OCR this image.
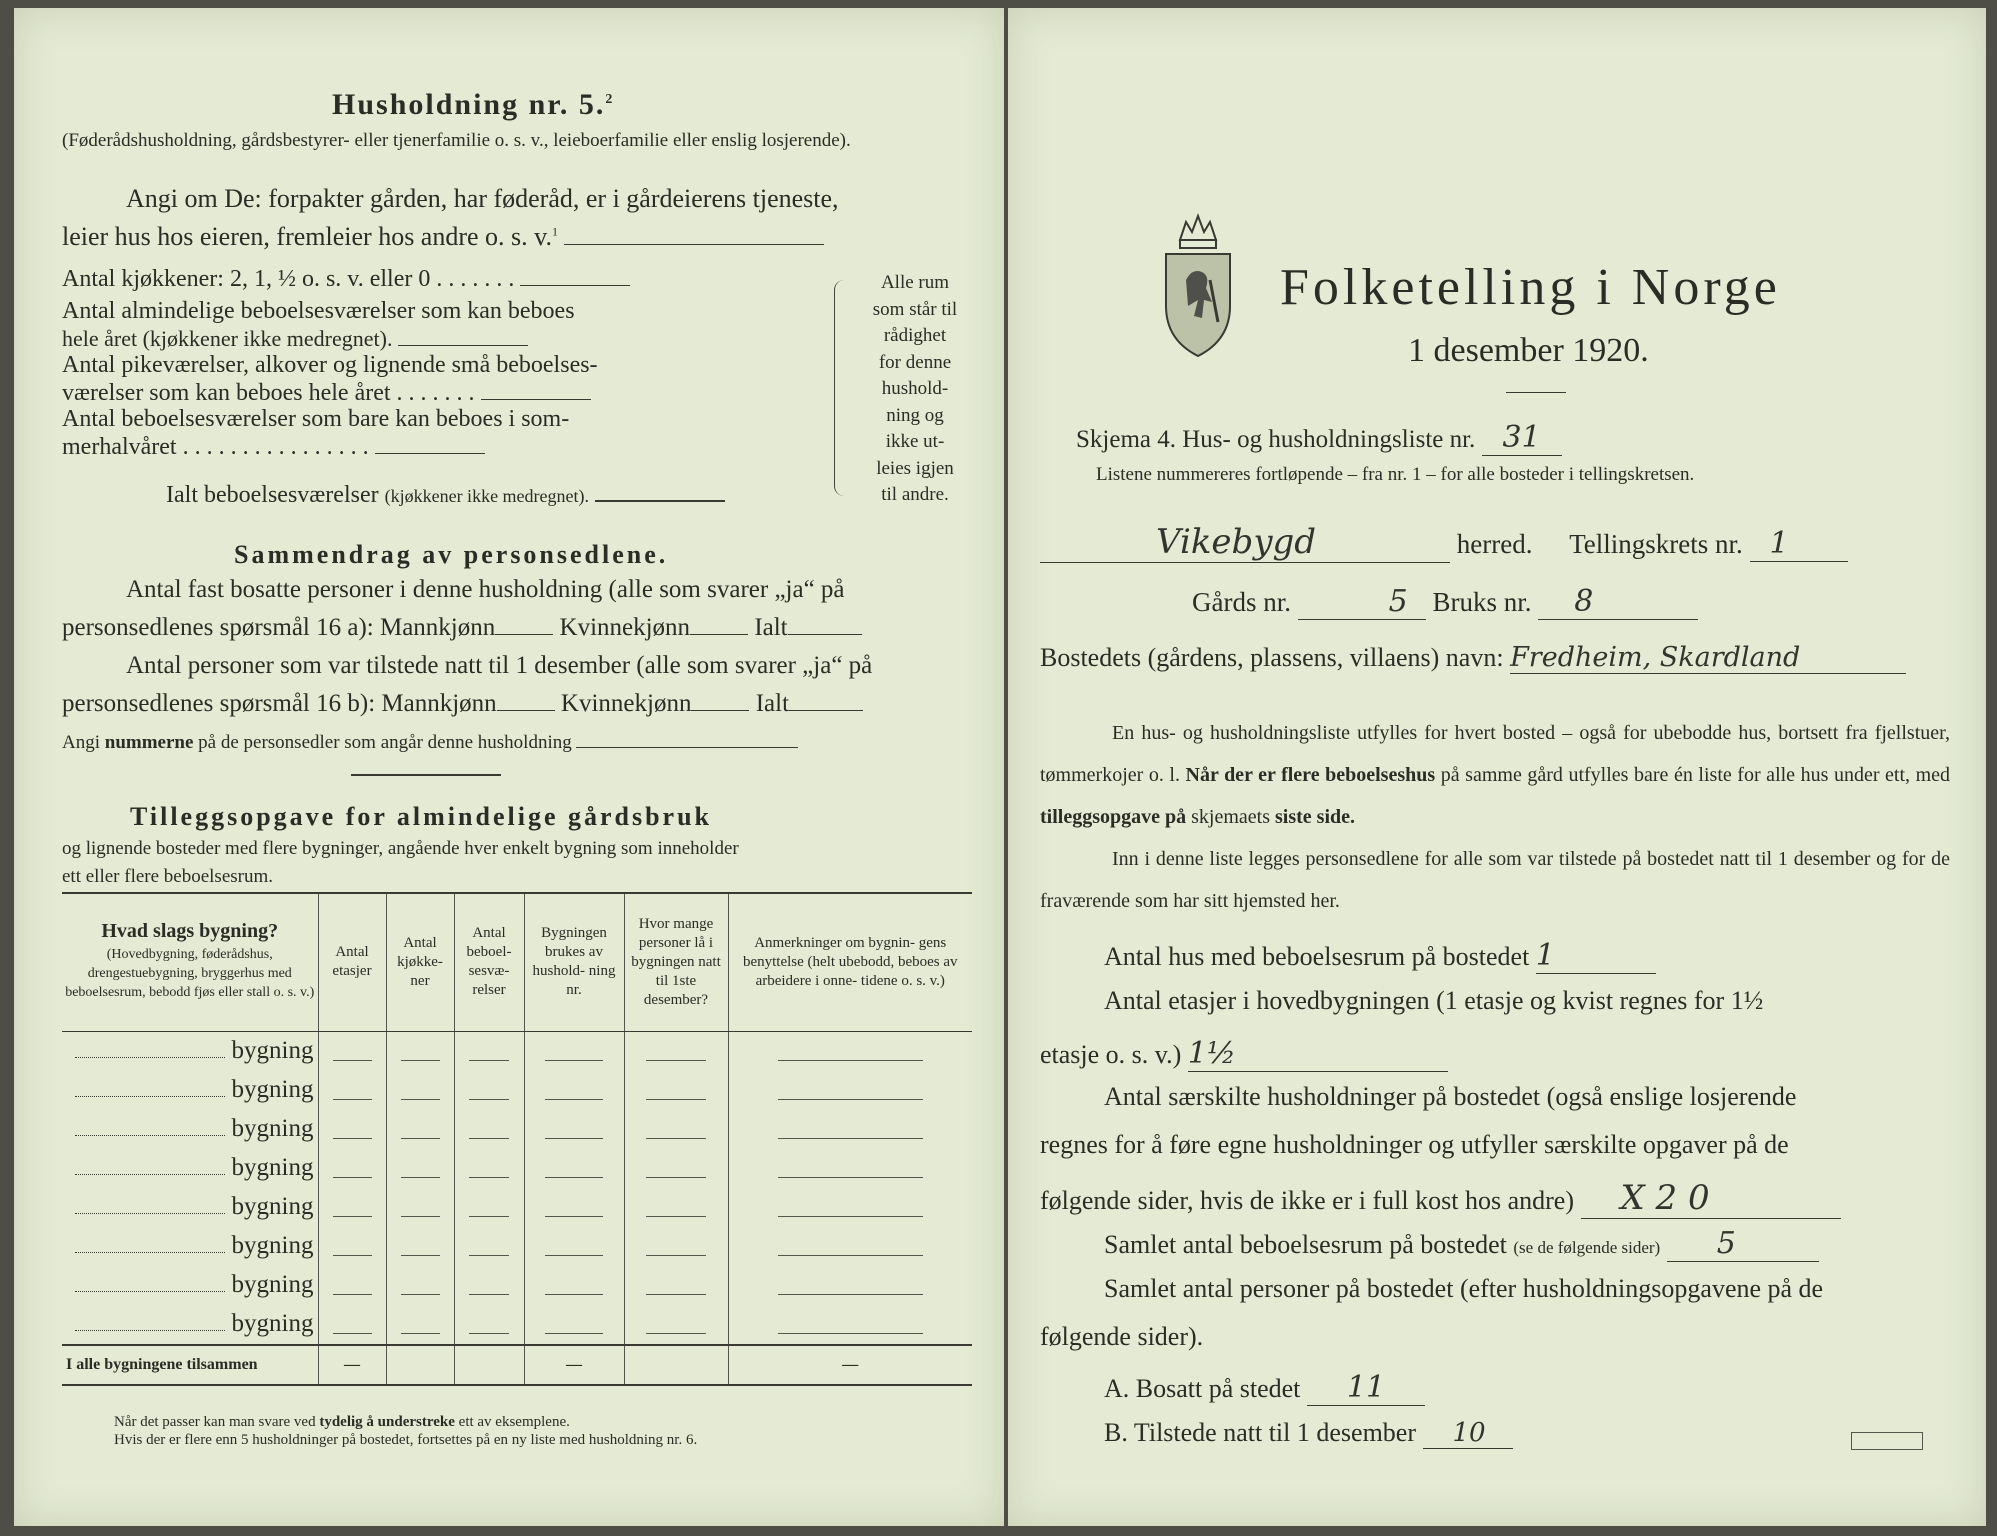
Husholdning nr. 5.$^2$
(Føderådshusholdning, gårdsbestyrer- eller tjenerfamilie o. s. v., leieboerfamilie eller enslig losjerende).
Angi om De: forpakter gården, har føderåd, er i gårdeierens tjeneste,
leier hus hos eieren, fremleier hos andre o. s. v.$^1$
Antal kjøkkener: 2, 1, ½ o. s. v. eller 0 . . . . . . .
Antal almindelige beboelsesværelser som kan beboes
hele året (kjøkkener ikke medregnet).
Antal pikeværelser, alkover og lignende små beboelses-
værelser som kan beboes hele året . . . . . . .
Antal beboelsesværelser som bare kan beboes i som-
merhalvåret . . . . . . . . . . . . . . . .
Ialt beboelsesværelser (kjøkkener ikke medregnet).
Alle rum
som står til
rådighet
for denne
hushold-
ning og
ikke ut-
leies igjen
til andre.
Sammendrag av personsedlene.
Antal fast bosatte personer i denne husholdning (alle som svarer „ja“ på
personsedlenes spørsmål 16 a): Mannkjønn	Kvinnekjønn	Ialt
Antal personer som var tilstede natt til 1 desember (alle som svarer „ja“ på
personsedlenes spørsmål 16 b): Mannkjønn	Kvinnekjønn	Ialt
Angi nummerne på de personsedler som angår denne husholdning
Tilleggsopgave for almindelige gårdsbruk
og lignende bosteder med flere bygninger, angående hver enkelt bygning som inneholder
ett eller flere beboelsesrum.
Hvad slags bygning?
(Hovedbygning, føderådshus, drengestuebygning, bryggerhus med beboelsesrum, bebodd fjøs eller stall o. s. v.)	Antal etasjer	Antal kjøkke- ner	Antal beboel- sesvæ- relser	Bygningen brukes av hushold- ning nr.	Hvor mange personer lå i bygningen natt til 1ste desember?	Anmerkninger om bygnin- gens benyttelse (helt ubebodd, beboes av arbeidere i onne- tidene o. s. v.)
bygning	

bygning	

bygning	

bygning	

bygning	

bygning	

bygning	

bygning	

I alle bygningene tilsammen	—			—		—
Når det passer kan man svare ved tydelig å understreke ett av eksemplene.
Hvis der er flere enn 5 husholdninger på bostedet, fortsettes på en ny liste med husholdning nr. 6.
Folketelling i Norge
1 desember 1920.
Skjema 4. Hus- og husholdningsliste nr. 31
Listene nummereres fortløpende – fra nr. 1 – for alle bosteder i tellingskretsen.
Vikebygd	herred. Tellingskrets nr. 1
Gårds nr.	5 Bruks nr. 8
Bostedets (gårdens, plassens, villaens) navn: Fredheim, Skardland
En hus- og husholdningsliste utfylles for hvert bosted – også for ubebodde hus, bortsett fra fjellstuer, tømmerkojer o. l. Når der er flere beboelseshus på samme gård utfylles bare én liste for alle hus under ett, med tilleggsopgave på skjemaets siste side.
Inn i denne liste legges personsedlene for alle som var tilstede på bostedet natt til 1 desember og for de fraværende som har sitt hjemsted her.
Antal hus med beboelsesrum på bostedet 1
Antal etasjer i hovedbygningen (1 etasje og kvist regnes for 1½
etasje o. s. v.) 1½
Antal særskilte husholdninger på bostedet (også enslige losjerende
regnes for å føre egne husholdninger og utfyller særskilte opgaver på de
følgende sider, hvis de ikke er i full kost hos andre) X 2 0
Samlet antal beboelsesrum på bostedet (se de følgende sider) 5
Samlet antal personer på bostedet (efter husholdningsopgavene på de
følgende sider).
A. Bosatt på stedet 11
B. Tilstede natt til 1 desember 10
